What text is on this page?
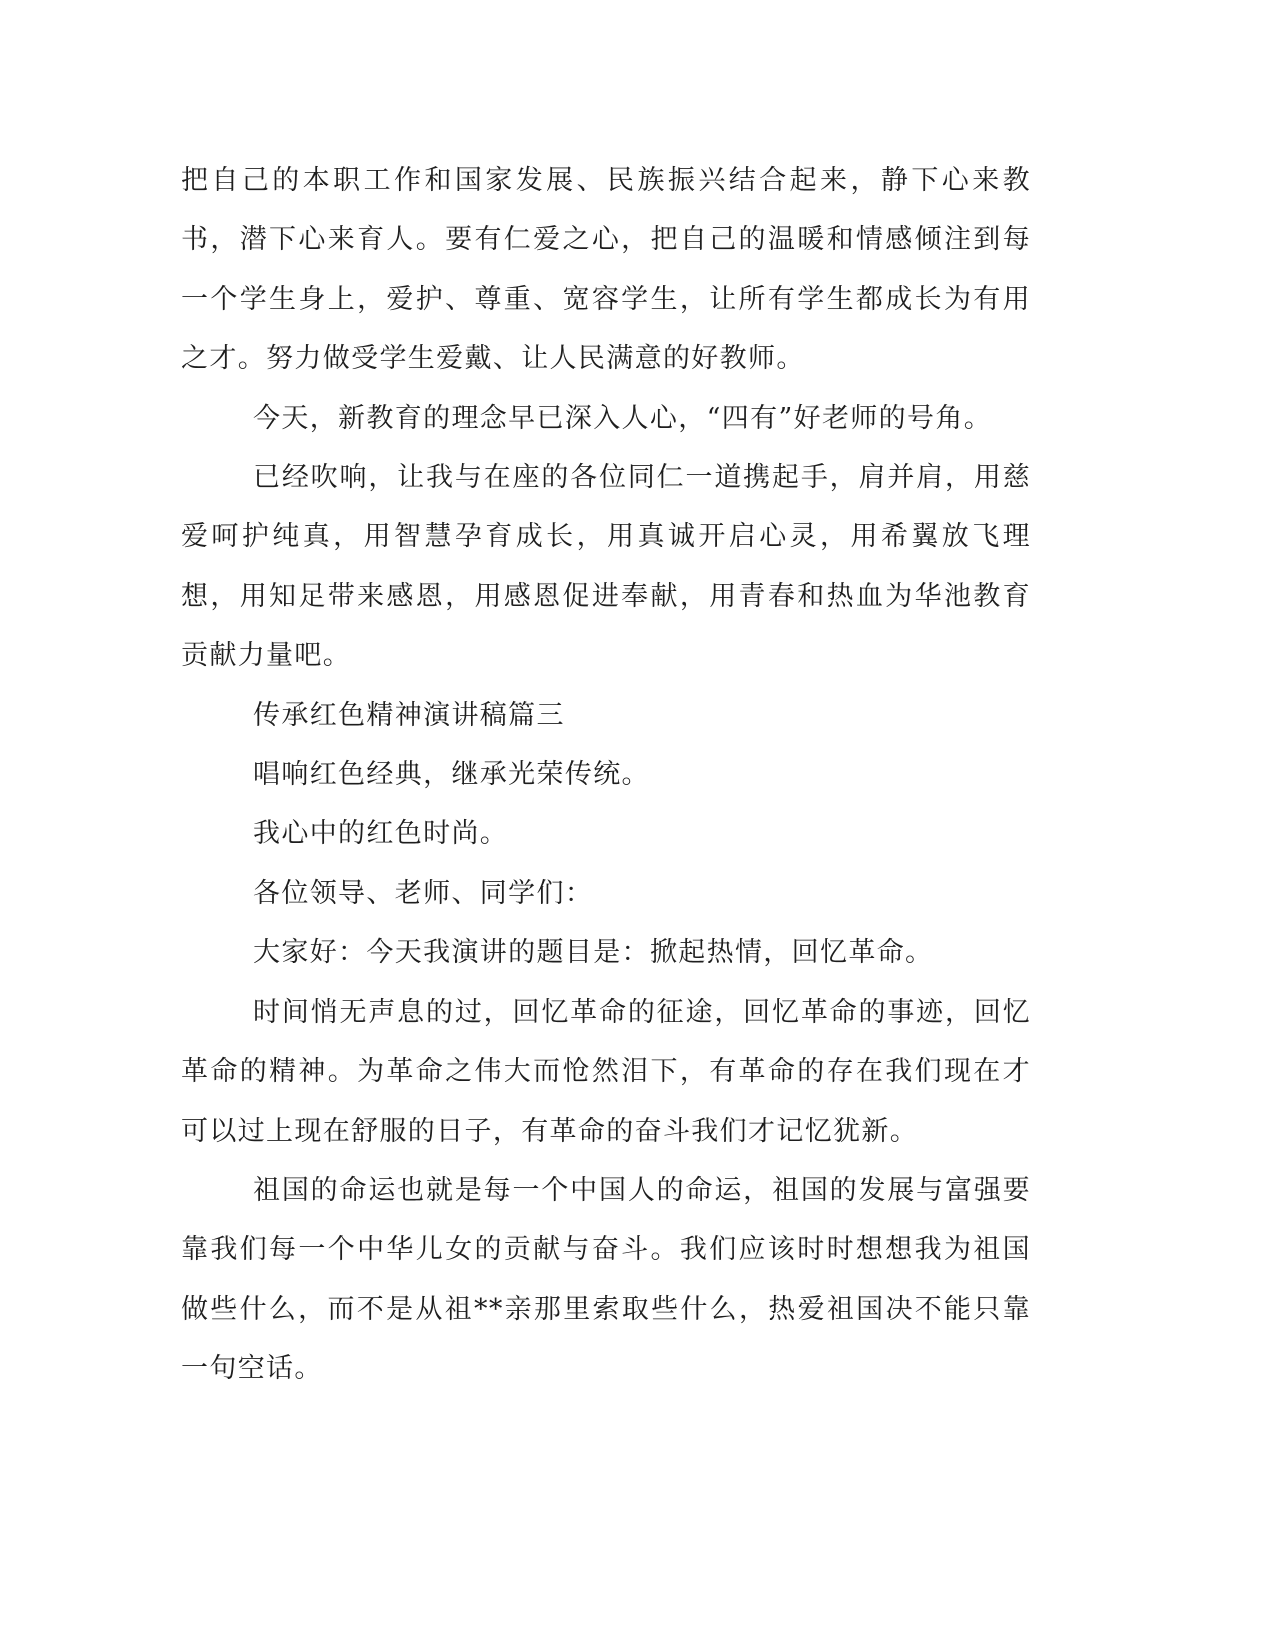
把自己的本职工作和国家发展、民族振兴结合起来，静下心来教书，潜下心来育人。要有仁爱之心，把自己的温暖和情感倾注到每一个学生身上，爱护、尊重、宽容学生，让所有学生都成长为有用之才。努力做受学生爱戴、让人民满意的好教师。

今天，新教育的理念早已深入人心，“四有”好老师的号角。

已经吹响，让我与在座的各位同仁一道携起手，肩并肩，用慈爱呵护纯真，用智慧孕育成长，用真诚开启心灵，用希翼放飞理想，用知足带来感恩，用感恩促进奉献，用青春和热血为华池教育贡献力量吧。

传承红色精神演讲稿篇三

唱响红色经典，继承光荣传统。

我心中的红色时尚。

各位领导、老师、同学们：

大家好：今天我演讲的题目是：掀起热情，回忆革命。

时间悄无声息的过，回忆革命的征途，回忆革命的事迹，回忆革命的精神。为革命之伟大而怆然泪下，有革命的存在我们现在才可以过上现在舒服的日子，有革命的奋斗我们才记忆犹新。

祖国的命运也就是每一个中国人的命运，祖国的发展与富强要靠我们每一个中华儿女的贡献与奋斗。我们应该时时想想我为祖国做些什么，而不是从祖**亲那里索取些什么，热爱祖国决不能只靠一句空话。
